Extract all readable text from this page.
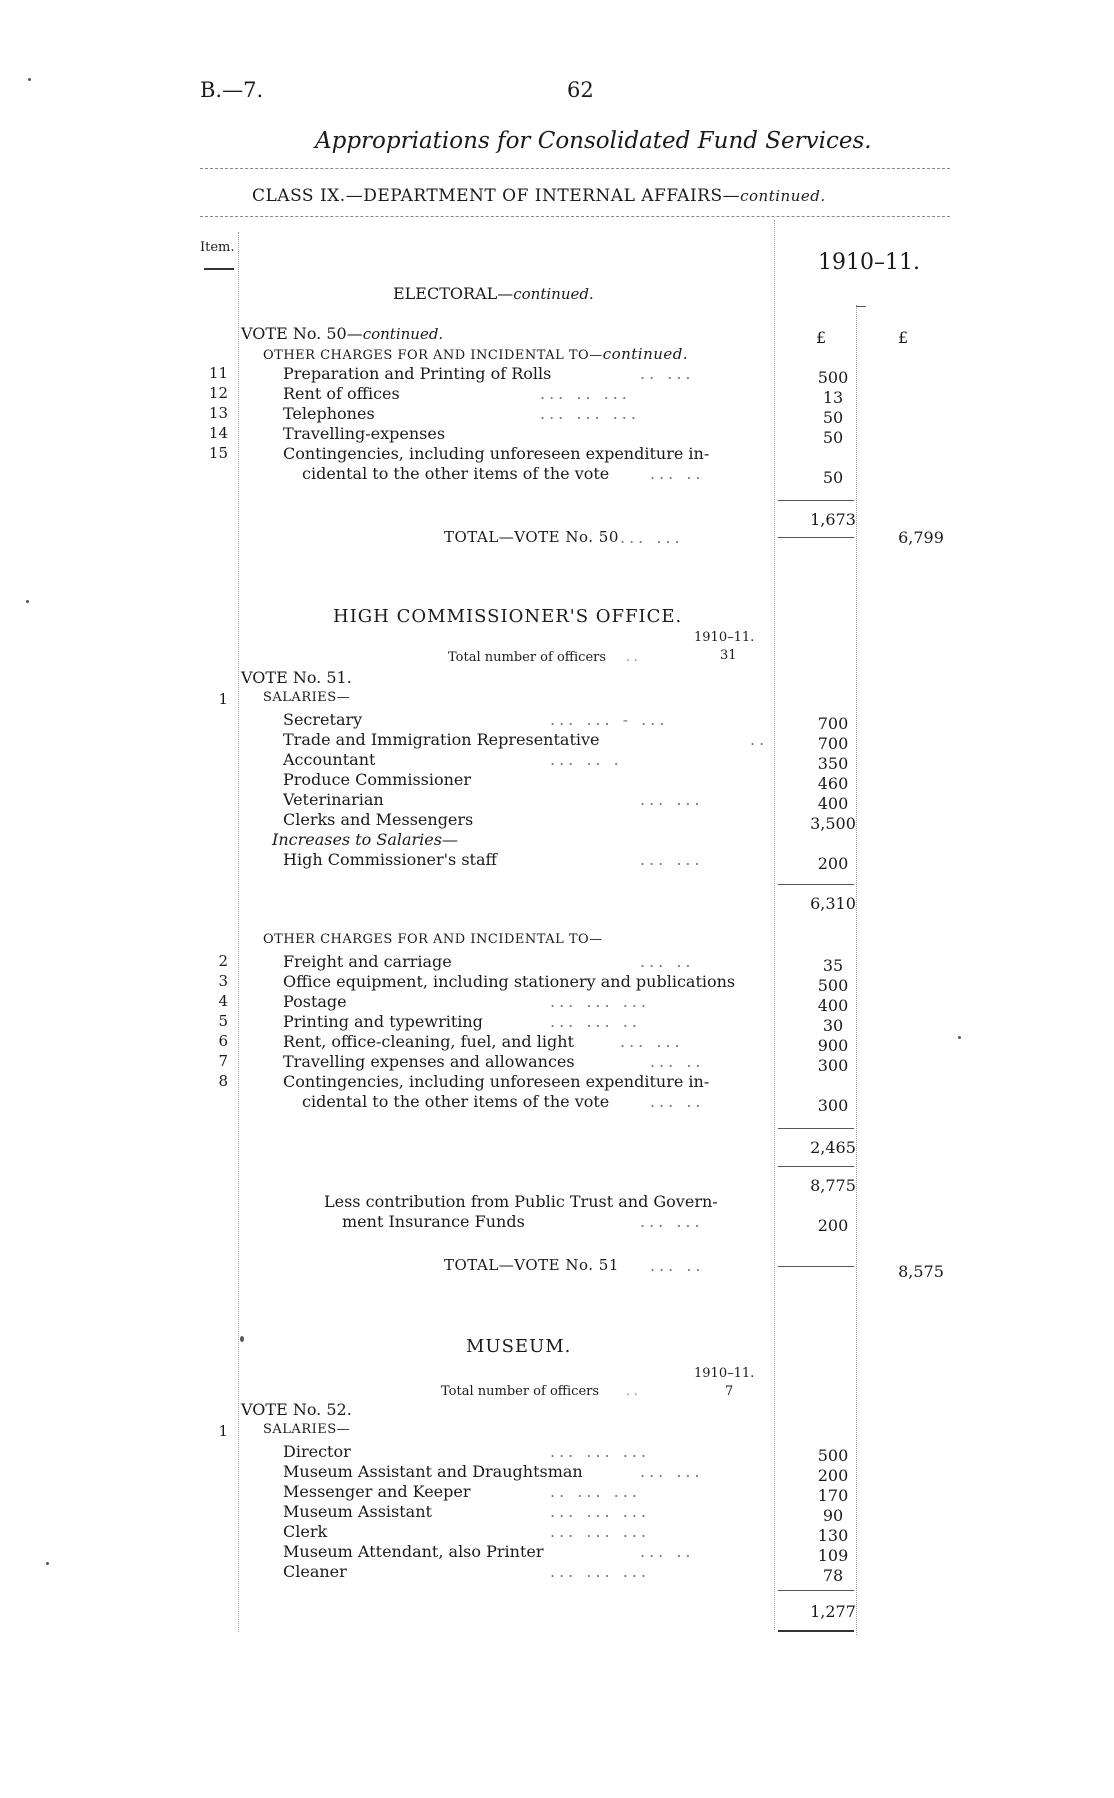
B.—7.	62
Appropriations for Consolidated Fund Services.
CLASS IX.—DEPARTMENT OF INTERNAL AFFAIRS—continued.
Item.
1910–11.
£	£
ELECTORAL—continued.
VOTE No. 50—continued.
OTHER CHARGES FOR AND INCIDENTAL TO—continued.
11	Preparation and Printing of Rolls	.. ...	500
12	Rent of offices	... .. ...	13
13	Telephones	... ... ...	50
14	Travelling-expenses	50
15	Contingencies, including unforeseen expenditure in-
cidental to the other items of the vote	... ..	50
1,673
TOTAL—VOTE No. 50 ... ...	6,799
HIGH COMMISSIONER'S OFFICE.
1910–11.
Total number of officers ..	31
VOTE No. 51.
1	SALARIES—
Secretary	... ... - ...	700
Trade and Immigration Representative	..	700
Accountant	... .. .	350
Produce Commissioner	460
Veterinarian	... ...	400
Clerks and Messengers	3,500
Increases to Salaries—
High Commissioner's staff	... ...	200
6,310
OTHER CHARGES FOR AND INCIDENTAL TO—
2	Freight and carriage	... ..	35
3	Office equipment, including stationery and publications	500
4	Postage	... ... ...	400
5	Printing and typewriting	... ... ..	30
6	Rent, office-cleaning, fuel, and light	... ...	900
7	Travelling expenses and allowances	... ..	300
8	Contingencies, including unforeseen expenditure in-
cidental to the other items of the vote	... ..	300
2,465
8,775
Less contribution from Public Trust and Govern-
ment Insurance Funds	... ...	200
TOTAL—VOTE No. 51 ... ..	8,575
MUSEUM.
1910–11.
Total number of officers ..	7
VOTE No. 52.
1	SALARIES—
Director	... ... ...	500
Museum Assistant and Draughtsman	... ...	200
Messenger and Keeper	.. ... ...	170
Museum Assistant	... ... ...	90
Clerk	... ... ...	130
Museum Attendant, also Printer	... ..	109
Cleaner	... ... ...	78
1,277
